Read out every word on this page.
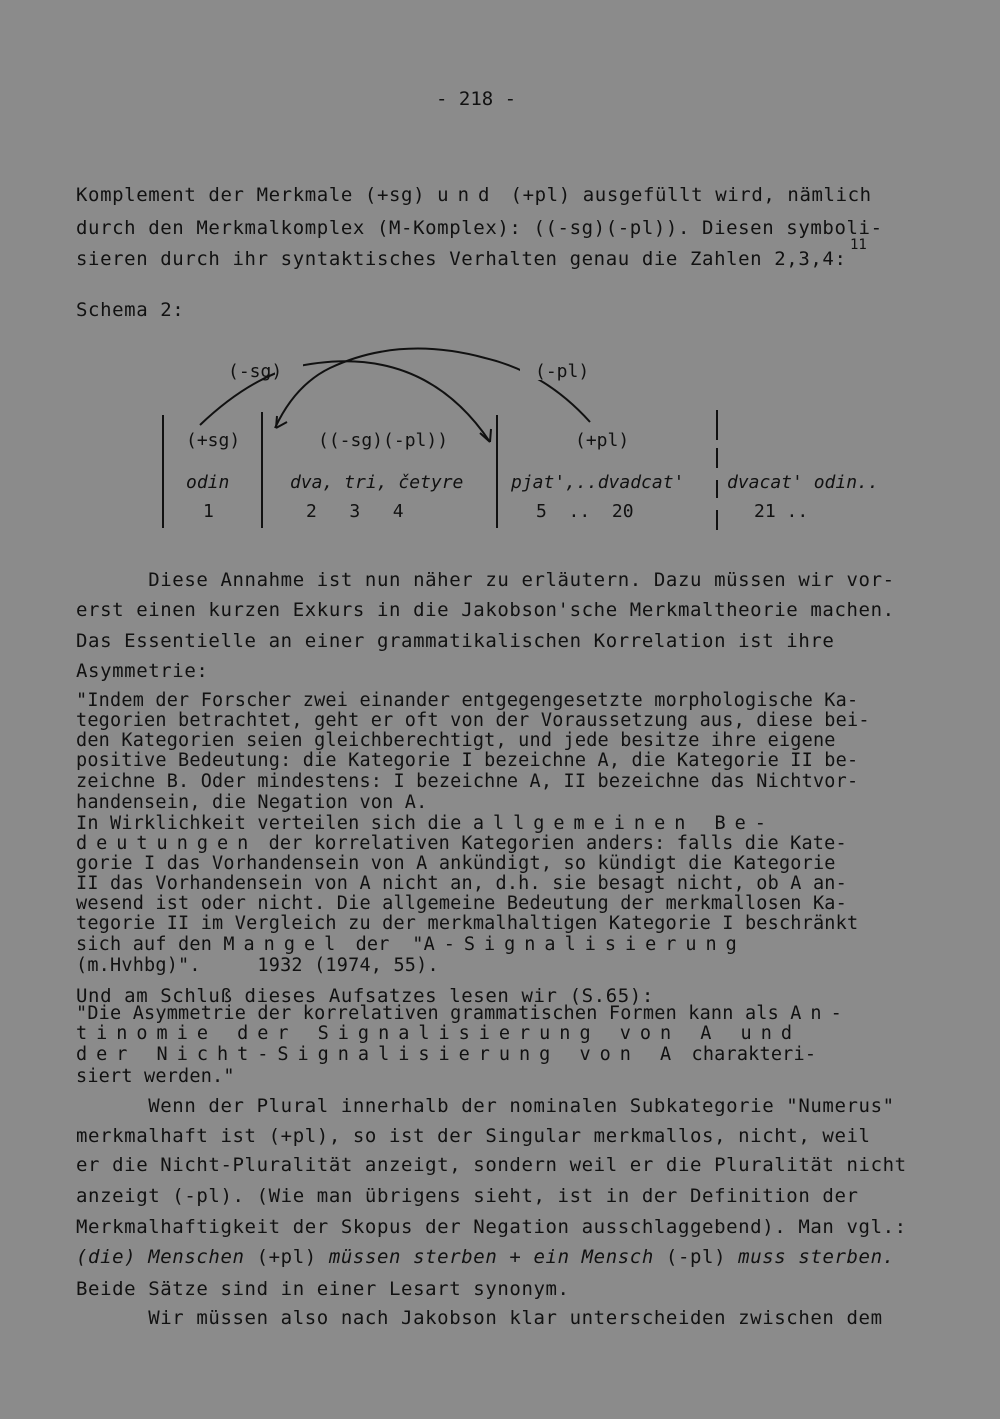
- 218 -
Komplement der Merkmale (+sg) und (+pl) ausgefüllt wird, nämlich
durch den Merkmalkomplex (M-Komplex): ((-sg)(-pl)). Diesen symboli-
sieren durch ihr syntaktisches Verhalten genau die Zahlen 2,3,4:
11
Schema 2:
(-sg)	(-pl)
(+sg)
odin
1
((-sg)(-pl))
dva, tri, četyre
2   3   4
(+pl)
pjat',..dvadcat'
5  ..  20
dvacat' odin..
21 ..
Diese Annahme ist nun näher zu erläutern. Dazu müssen wir vor-
erst einen kurzen Exkurs in die Jakobson'sche Merkmaltheorie machen.
Das Essentielle an einer grammatikalischen Korrelation ist ihre
Asymmetrie:
"Indem der Forscher zwei einander entgegengesetzte morphologische Ka-
tegorien betrachtet, geht er oft von der Voraussetzung aus, diese bei-
den Kategorien seien gleichberechtigt, und jede besitze ihre eigene
positive Bedeutung: die Kategorie I bezeichne A, die Kategorie II be-
zeichne B. Oder mindestens: I bezeichne A, II bezeichne das Nichtvor-
handensein, die Negation von A.
In Wirklichkeit verteilen sich die allgemeinen Be-
deutungen der korrelativen Kategorien anders: falls die Kate-
gorie I das Vorhandensein von A ankündigt, so kündigt die Kategorie
II das Vorhandensein von A nicht an, d.h. sie besagt nicht, ob A an-
wesend ist oder nicht. Die allgemeine Bedeutung der merkmallosen Ka-
tegorie II im Vergleich zu der merkmalhaltigen Kategorie I beschränkt
sich auf den Mangel der  "A-Signalisierung
(m.Hvhbg)".     1932 (1974, 55).
Und am Schluß dieses Aufsatzes lesen wir (S.65):
"Die Asymmetrie der korrelativen grammatischen Formen kann als An-
tinomie der Signalisierung von A und
der Nicht-Signalisierung von A charakteri-
siert werden."
Wenn der Plural innerhalb der nominalen Subkategorie "Numerus"
merkmalhaft ist (+pl), so ist der Singular merkmallos, nicht, weil
er die Nicht-Pluralität anzeigt, sondern weil er die Pluralität nicht
anzeigt (-pl). (Wie man übrigens sieht, ist in der Definition der
Merkmalhaftigkeit der Skopus der Negation ausschlaggebend). Man vgl.:
(die) Menschen (+pl) müssen sterben + ein Mensch (-pl) muss sterben.
Beide Sätze sind in einer Lesart synonym.
Wir müssen also nach Jakobson klar unterscheiden zwischen dem
